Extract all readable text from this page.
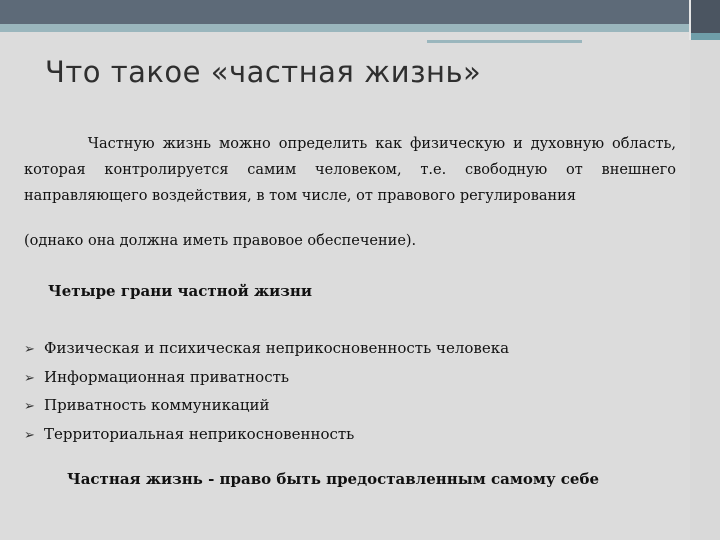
Что такое «частная жизнь»

Частную жизнь можно определить как физическую и духовную область, которая контролируется самим человеком, т.е. свободную от внешнего направляющего воздействия, в том числе, от правового регулирования

(однако она должна иметь правовое обеспечение).

Четыре грани частной жизни

➢ Физическая и психическая неприкосновенность человека
➢ Информационная приватность
➢ Приватность коммуникаций
➢ Территориальная неприкосновенность

Частная жизнь - право быть предоставленным самому себе
